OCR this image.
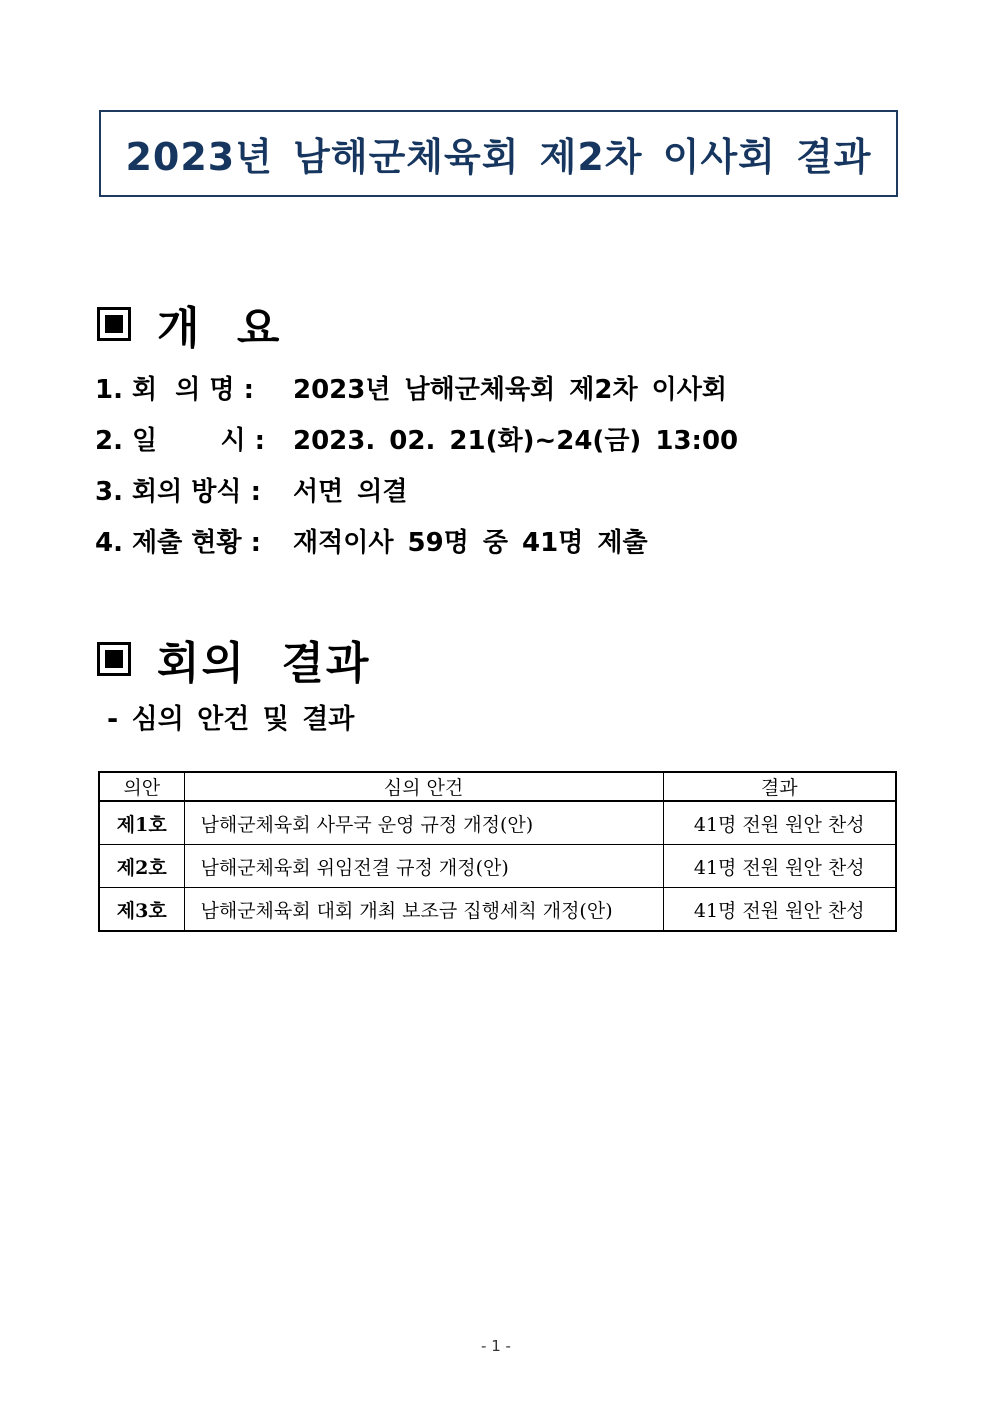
2023년 남해군체육회 제2차 이사회 결과
개 요
1. 회  의 명 :	2023년 남해군체육회 제2차 이사회
2. 일       시 :	2023. 02. 21(화)~24(금) 13:00
3. 회의 방식 :	서면 의결
4. 제출 현황 :	재적이사 59명 중 41명 제출
회의 결과
- 심의 안건 및 결과
의안	심의 안건	결과
제1호	남해군체육회 사무국 운영 규정 개정(안)	41명 전원 원안 찬성
제2호	남해군체육회 위임전결 규정 개정(안)	41명 전원 원안 찬성
제3호	남해군체육회 대회 개최 보조금 집행세칙 개정(안)	41명 전원 원안 찬성
- 1 -
